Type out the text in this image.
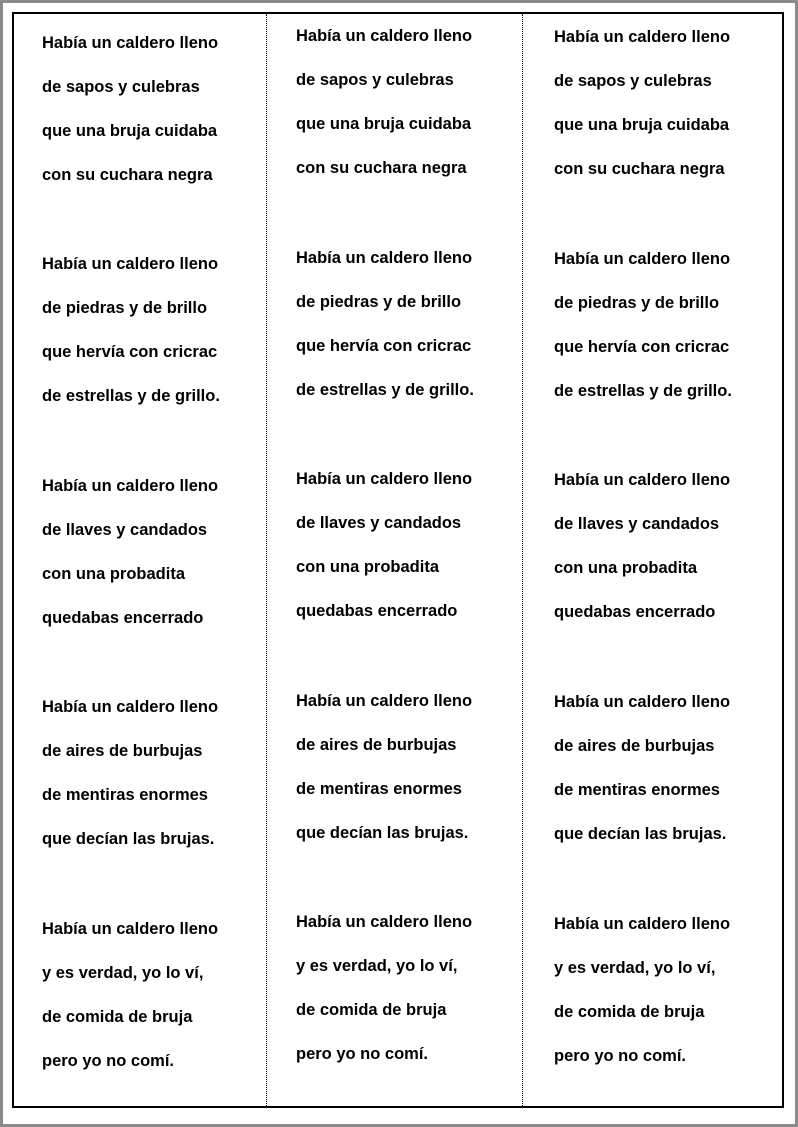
Había un caldero lleno
de sapos y culebras
que una bruja cuidaba
con su cuchara negra
Había un caldero lleno
de piedras y de brillo
que hervía con cricrac
de estrellas y de grillo.
Había un caldero lleno
de llaves y candados
con una probadita
quedabas encerrado
Había un caldero lleno
de aires de burbujas
de mentiras enormes
que decían las brujas.
Había un caldero lleno
y es verdad, yo lo ví,
de comida de bruja
pero yo no comí.
Había un caldero lleno
de sapos y culebras
que una bruja cuidaba
con su cuchara negra
Había un caldero lleno
de piedras y de brillo
que hervía con cricrac
de estrellas y de grillo.
Había un caldero lleno
de llaves y candados
con una probadita
quedabas encerrado
Había un caldero lleno
de aires de burbujas
de mentiras enormes
que decían las brujas.
Había un caldero lleno
y es verdad, yo lo ví,
de comida de bruja
pero yo no comí.
Había un caldero lleno
de sapos y culebras
que una bruja cuidaba
con su cuchara negra
Había un caldero lleno
de piedras y de brillo
que hervía con cricrac
de estrellas y de grillo.
Había un caldero lleno
de llaves y candados
con una probadita
quedabas encerrado
Había un caldero lleno
de aires de burbujas
de mentiras enormes
que decían las brujas.
Había un caldero lleno
y es verdad, yo lo ví,
de comida de bruja
pero yo no comí.
